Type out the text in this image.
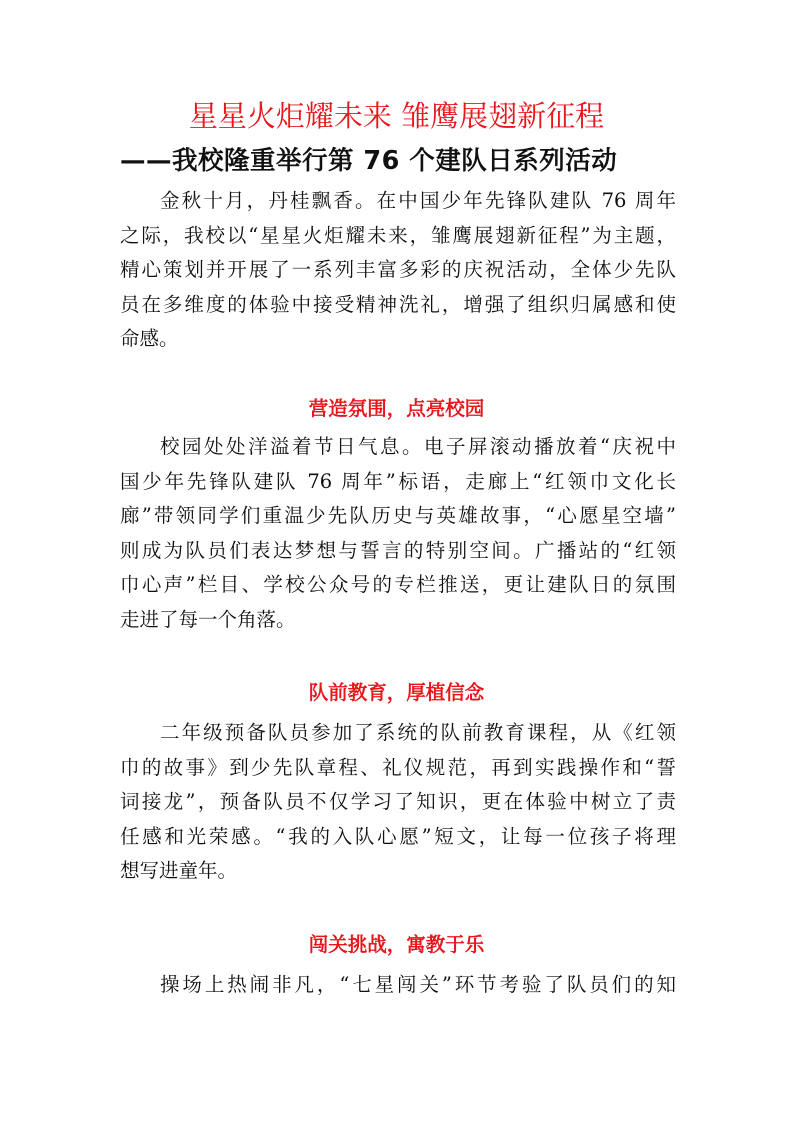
星星火炬耀未来 雏鹰展翅新征程
——我校隆重举行第 76 个建队日系列活动
金秋十月，丹桂飘香。在中国少年先锋队建队 76 周年
之际，我校以“星星火炬耀未来，雏鹰展翅新征程”为主题，
精心策划并开展了一系列丰富多彩的庆祝活动，全体少先队
员在多维度的体验中接受精神洗礼，增强了组织归属感和使
命感。
营造氛围，点亮校园
校园处处洋溢着节日气息。电子屏滚动播放着“庆祝中
国少年先锋队建队 76 周年”标语，走廊上“红领巾文化长
廊”带领同学们重温少先队历史与英雄故事，“心愿星空墙”
则成为队员们表达梦想与誓言的特别空间。广播站的“红领
巾心声”栏目、学校公众号的专栏推送，更让建队日的氛围
走进了每一个角落。
队前教育，厚植信念
二年级预备队员参加了系统的队前教育课程，从《红领
巾的故事》到少先队章程、礼仪规范，再到实践操作和“誓
词接龙”，预备队员不仅学习了知识，更在体验中树立了责
任感和光荣感。“我的入队心愿”短文，让每一位孩子将理
想写进童年。
闯关挑战，寓教于乐
操场上热闹非凡，“七星闯关”环节考验了队员们的知
